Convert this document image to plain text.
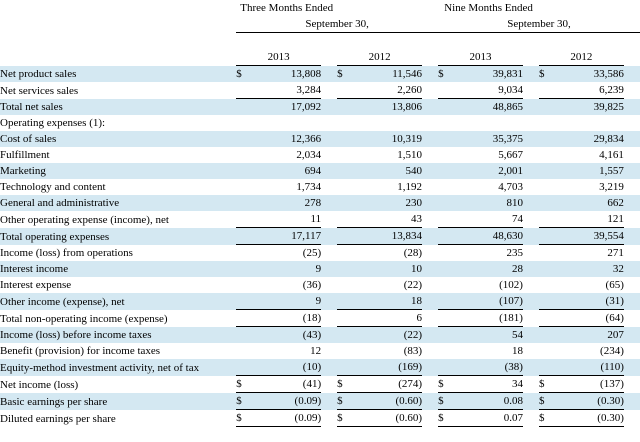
	Three Months Ended						Nine Months Ended					
	September 30,						September 30,					

	2013			2012			2013			2012		
Net product sales	$	13,808		$	11,546		$	39,831		$	33,586	
Net services sales		3,284			2,260			9,034			6,239	
Total net sales		17,092			13,806			48,865			39,825	
Operating expenses (1):												
Cost of sales		12,366			10,319			35,375			29,834	
Fulfillment		2,034			1,510			5,667			4,161	
Marketing		694			540			2,001			1,557	
Technology and content		1,734			1,192			4,703			3,219	
General and administrative		278			230			810			662	
Other operating expense (income), net		11			43			74			121	
Total operating expenses		17,117			13,834			48,630			39,554	
Income (loss) from operations		(25)			(28)			235			271	
Interest income		9			10			28			32	
Interest expense		(36)			(22)			(102)			(65)	
Other income (expense), net		9			18			(107)			(31)	
Total non-operating income (expense)		(18)			6			(181)			(64)	
Income (loss) before income taxes		(43)			(22)			54			207	
Benefit (provision) for income taxes		12			(83)			18			(234)	
Equity-method investment activity, net of tax		(10)			(169)			(38)			(110)	
Net income (loss)	$	(41)		$	(274)		$	34		$	(137)	
Basic earnings per share	$	(0.09)		$	(0.60)		$	0.08		$	(0.30)	
Diluted earnings per share	$	(0.09)		$	(0.60)		$	0.07		$	(0.30)	
